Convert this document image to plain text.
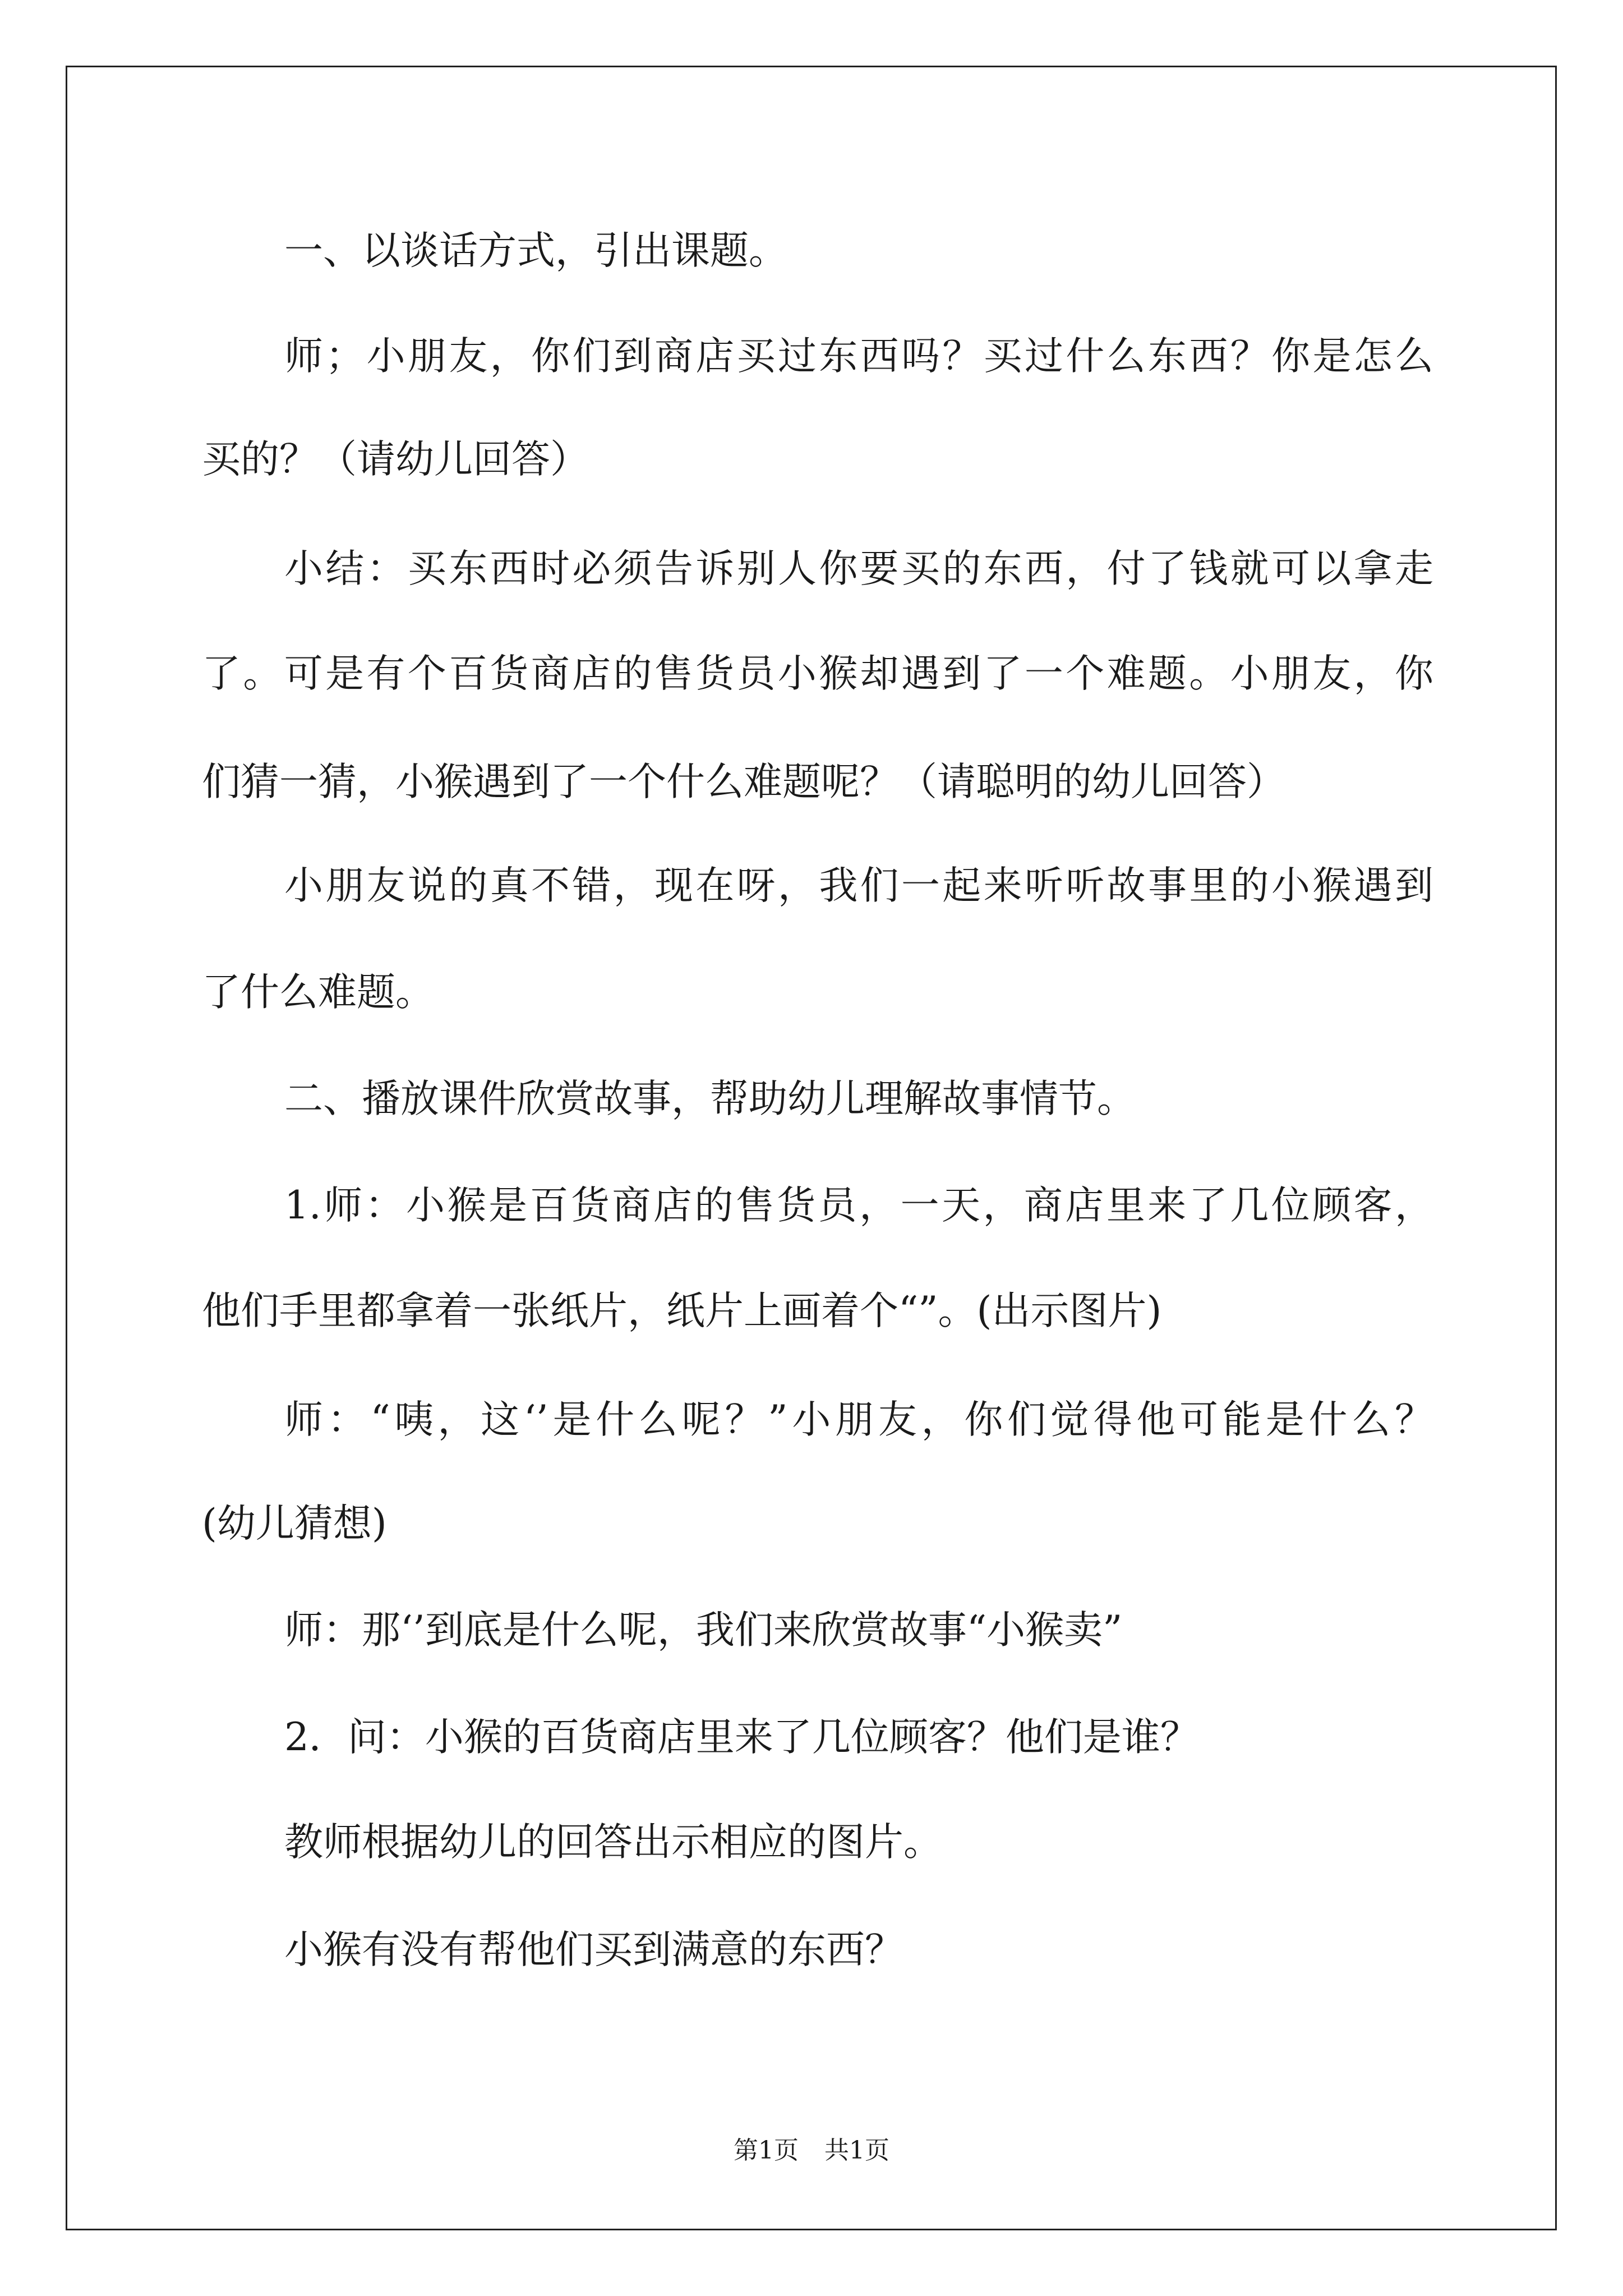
一、以谈话方式，引出课题。
师；小朋友，你们到商店买过东西吗？买过什么东西？你是怎么
买的？（请幼儿回答）
小结：买东西时必须告诉别人你要买的东西，付了钱就可以拿走
了。可是有个百货商店的售货员小猴却遇到了一个难题。小朋友，你
们猜一猜，小猴遇到了一个什么难题呢？（请聪明的幼儿回答）
小朋友说的真不错，现在呀，我们一起来听听故事里的小猴遇到
了什么难题。
二、播放课件欣赏故事，帮助幼儿理解故事情节。
1.师：小猴是百货商店的售货员，一天，商店里来了几位顾客，
他们手里都拿着一张纸片，纸片上画着个“”。(出示图片)
师：“咦，这‘’是什么呢？”小朋友，你们觉得他可能是什么？
(幼儿猜想)
师：那‘’到底是什么呢，我们来欣赏故事“小猴卖”
2．问：小猴的百货商店里来了几位顾客？他们是谁？
教师根据幼儿的回答出示相应的图片。
小猴有没有帮他们买到满意的东西？
第1页 共1页
